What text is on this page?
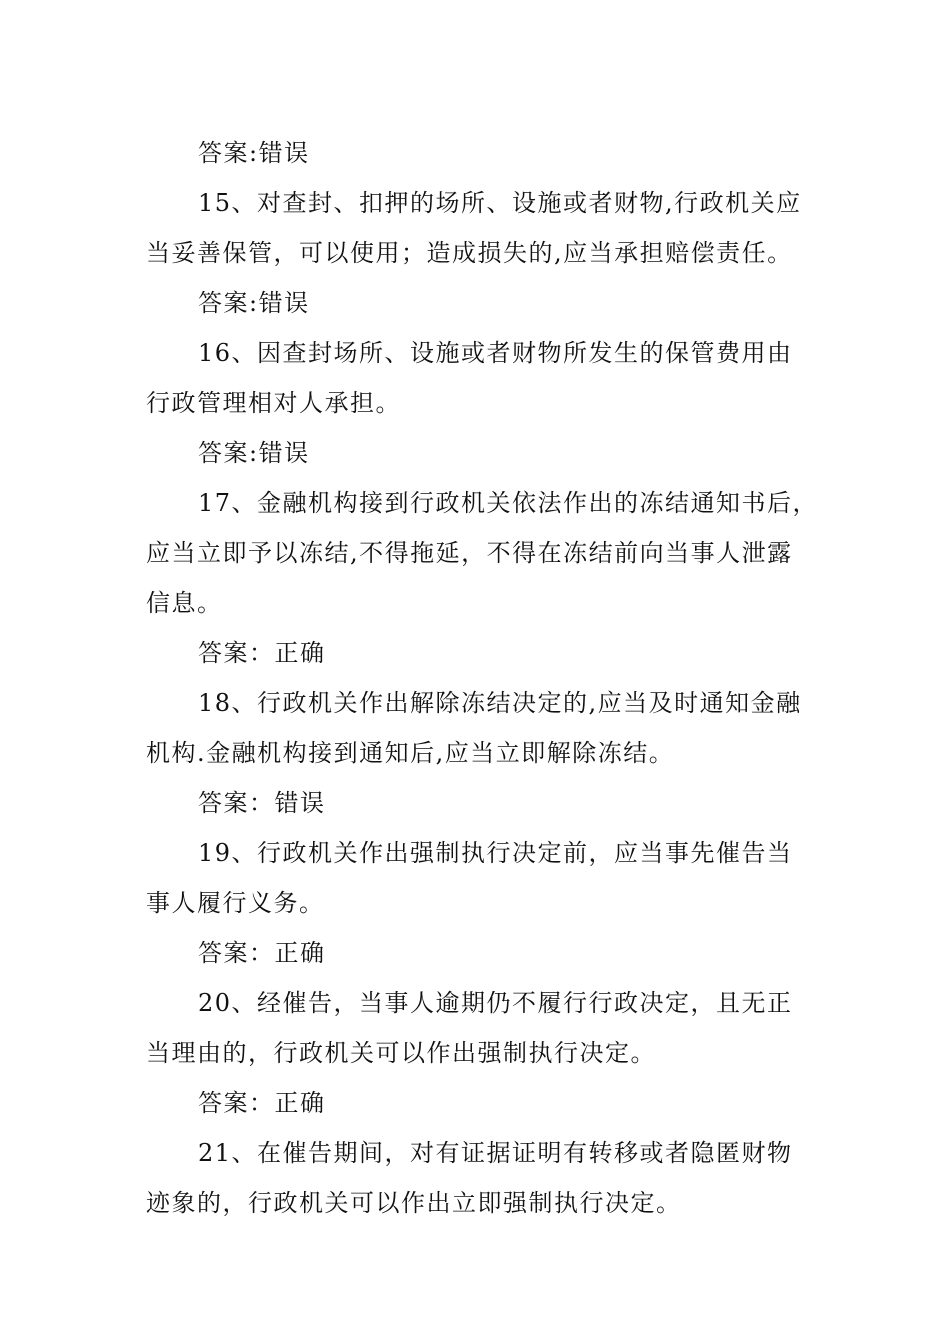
答案:错误

15、对查封、扣押的场所、设施或者财物,行政机关应

当妥善保管，可以使用；造成损失的,应当承担赔偿责任。

答案:错误

16、因查封场所、设施或者财物所发生的保管费用由

行政管理相对人承担。

答案:错误

17、金融机构接到行政机关依法作出的冻结通知书后，

应当立即予以冻结,不得拖延，不得在冻结前向当事人泄露

信息。

答案：正确

18、行政机关作出解除冻结决定的,应当及时通知金融

机构.金融机构接到通知后,应当立即解除冻结。

答案：错误

19、行政机关作出强制执行决定前，应当事先催告当

事人履行义务。

答案：正确

20、经催告，当事人逾期仍不履行行政决定，且无正

当理由的，行政机关可以作出强制执行决定。

答案：正确

21、在催告期间，对有证据证明有转移或者隐匿财物

迹象的，行政机关可以作出立即强制执行决定。
